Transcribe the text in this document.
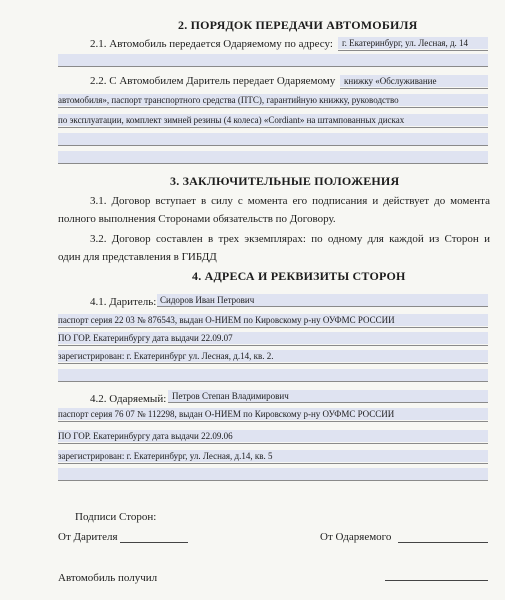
2. ПОРЯДОК ПЕРЕДАЧИ АВТОМОБИЛЯ
2.1. Автомобиль передается Одаряемому по адресу: г. Екатеринбург, ул. Лесная, д. 14
2.2. С Автомобилем Даритель передает Одаряемому книжку «Обслуживание
автомобиля», паспорт транспортного средства (ПТС), гарантийную книжку, руководство
по эксплуатации, комплект зимней резины (4 колеса) «Cordiant» на штампованных дисках
3. ЗАКЛЮЧИТЕЛЬНЫЕ ПОЛОЖЕНИЯ
3.1. Договор вступает в силу с момента его подписания и действует до момента
полного выполнения Сторонами обязательств по Договору.
3.2. Договор составлен в трех экземплярах: по одному для каждой из Сторон и
один для представления в ГИБДД
4. АДРЕСА И РЕКВИЗИТЫ СТОРОН
4.1. Даритель: Сидоров Иван Петрович
паспорт серия 22 03 № 876543, выдан О-НИЕМ по Кировскому р-ну ОУФМС РОССИИ
ПО ГОР. Екатеринбургу дата выдачи 22.09.07
зарегистрирован: г. Екатеринбург ул. Лесная, д.14, кв. 2.
4.2. Одаряемый: Петров Степан Владимирович
паспорт серия 76 07 № 112298, выдан О-НИЕМ по Кировскому р-ну ОУФМС РОССИИ
ПО ГОР. Екатеринбургу дата выдачи 22.09.06
зарегистрирован: г. Екатеринбург, ул. Лесная, д.14, кв. 5
Подписи Сторон:
От Дарителя	От Одаряемого
Автомобиль получил
